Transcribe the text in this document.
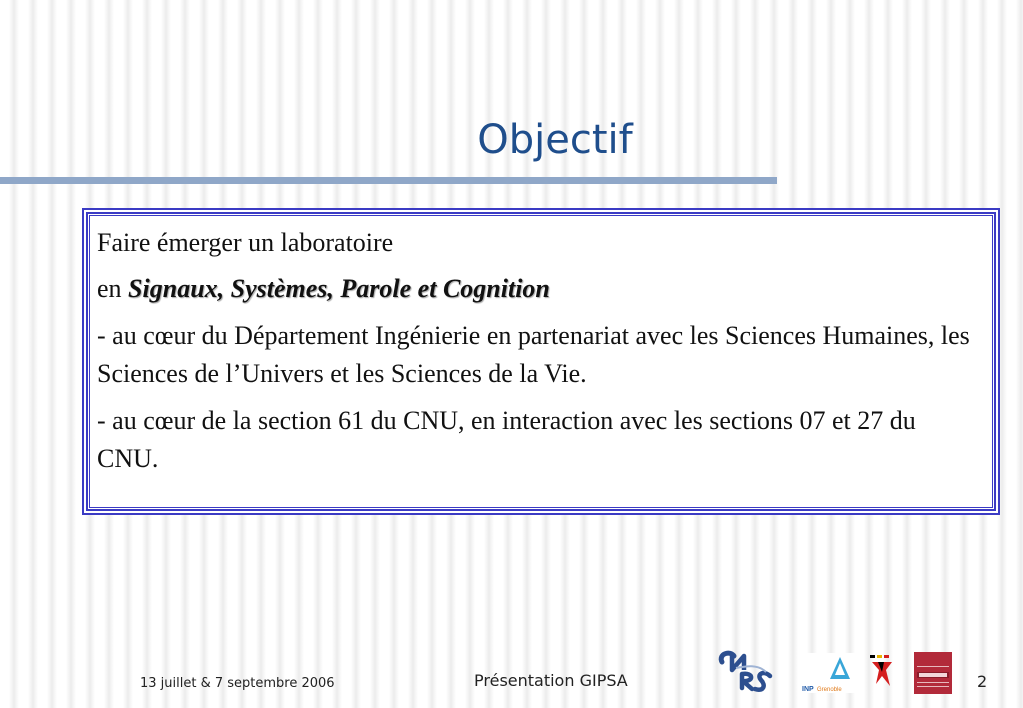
Objectif

Faire émerger un laboratoire

en Signaux, Systèmes, Parole et Cognition

- au cœur du Département Ingénierie en partenariat avec les Sciences Humaines, les Sciences de l’Univers et les Sciences de la Vie.

- au cœur de la section 61 du CNU, en interaction avec les sections 07 et 27 du CNU.

13 juillet & 7 septembre 2006	Présentation GIPSA	2
INP Grenoble
